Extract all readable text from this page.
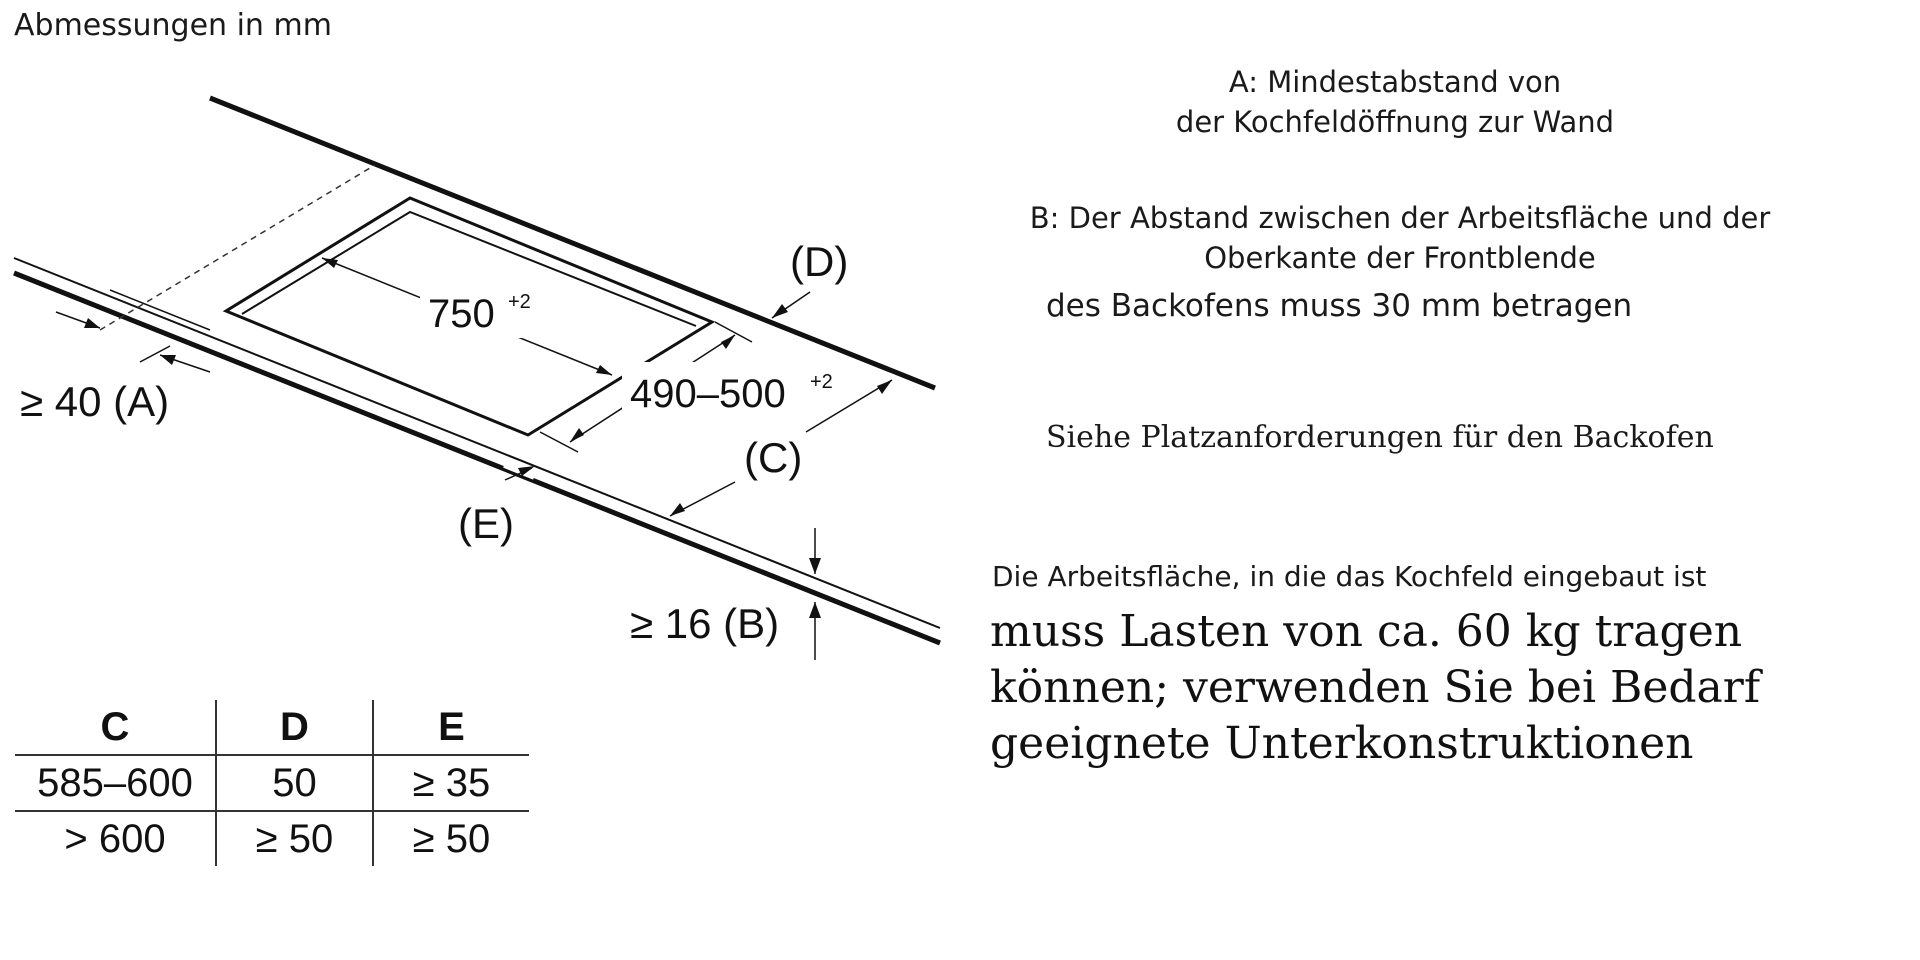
Abmessungen in mm
750 +2
490–500 +2
(D)
≥ 40 (A)
(E)
(C)
≥ 16 (B)
A: Mindestabstand von
der Kochfeldöffnung zur Wand
B: Der Abstand zwischen der Arbeitsfläche und der
Oberkante der Frontblende
des Backofens muss 30 mm betragen
Siehe Platzanforderungen für den Backofen
Die Arbeitsfläche, in die das Kochfeld eingebaut ist
muss Lasten von ca. 60 kg tragen
können; verwenden Sie bei Bedarf
geeignete Unterkonstruktionen
C	D	E
585–600	50	≥ 35
> 600	≥ 50	≥ 50
